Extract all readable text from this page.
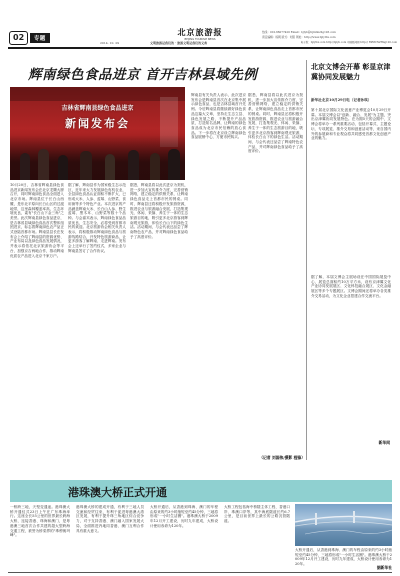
02	专题
北京旅游报
BEIJING TOURISM NEWS
2014. 10. 29	文明旅游是我们的 · 旅游文明是我们的义务
热线：010-66077420 Email：bjlyb@bjmtmzhg126.com
责任编辑：杨朝 版式：刘思 网址：http://www.bjlytbx.com
电子版：bjlytbx.com http://bjlyb.com 中国新闻网 http:// RPMCNZH4g126.com
辉南绿色食品进京 首开吉林县域先例
吉林省辉南县绿色食品进京
新闻发布会
10月20日，吉林省辉南县绿色食品进京新闻发布会在北京龙腾大厦召开，同时辉南绿色食品全面进入北京市场。辉南县位于长白山西麓，是东北平原向长白山区的过渡地带，这里森林覆盖率高，生态环境优良，素有"长白山下金三角"之美誉。此次辉南县绿色食品进京，是吉林省县域绿色食品首次整体组团进京，标志着辉南绿色农产品正式登陆首都市场。辉南县县长在发布会上介绍了辉南县的资源优势、产业布局以及绿色食品发展情况，并表示将依托北京旅游协会等平台，加强京吉两地合作，推动辉南优质农产品进入北京千家万户。
据了解，辉南县作为国家级生态示范区，近年来大力发展绿色有机农业，全县绿色食品认证面积不断扩大，已形成大米、人参、蓝莓、山野菜、食用菌等多个特色产业。本次进京的产品涵盖辉南大米、长白山人参、野生蓝莓、黑木耳、山野菜等数十个品种。与会嘉宾表示，辉南绿色食品品质优良，生态安全，必将受到首都市民的欢迎。北京旅游协会相关负责人表示，将积极推动辉南绿色食品与旅游线路结合，开发特色旅游商品，让更多游客了解辉南、走进辉南。发布会上还举行了签约仪式，多家企业与辉南县签订了合作协议。
据悉，辉南县将以此次进京为契机，进一步加大宣传推介力度，完善营销网络，建立稳定的供销关系，让辉南绿色食品走上首都市民的餐桌。同时，辉南县还将积极开发旅游资源，推进农业与旅游融合发展，打造集观光、休闲、采摘、养生于一体的生态旅游目的地，吸引更多北京游客到辉南观光旅游，体验长白山下的绿色生活。活动期间，与会代表还品尝了辉南特色农产品，并对辉南绿色食品给予了高度评价。
辉南县有关负责人表示，此次进京发布会是辉南县首次在北京集中展示绿色食品，也是吉林县域首开先例。今后辉南县将继续做好绿色食品这篇大文章，坚持走生态立县、绿色发展之路，不断提升产品品质，打造知名品牌，让辉南的绿色食品成为北京市民信赖的放心食品。下一步将在北京设立辉南绿色食品展销中心，方便市民购买。
据悉，辉南县将以此次进京为契机，进一步加大宣传推介力度，完善营销网络，建立稳定的供销关系，让辉南绿色食品走上首都市民的餐桌。同时，辉南县还将积极开发旅游资源，推进农业与旅游融合发展，打造集观光、休闲、采摘、养生于一体的生态旅游目的地，吸引更多北京游客到辉南观光旅游，体验长白山下的绿色生活。活动期间，与会代表还品尝了辉南特色农产品，并对辉南绿色食品给予了高度评价。
（记者 刘国伟/摄影 程锋）
北京文博会开幕 彰显京津冀协同发展魅力
新华社北京10月29日电（记者孙琪）
第十届北京国际文化创意产业博览会10月29日开幕。本届文博会以"创新、融合、发展"为主题，突出京津冀协同发展特色。在为期5天的会期中，文博会将举办一系列重要活动，包括开幕式、主题论坛、专项展览、推介交易和创意活动等，来自国内外的参展商和专业观众将共同感受首都文化创意产业的魅力。
据了解，本届文博会主展场设在中国国际展览中心，展览总面积约10万平方米，设有京津冀文化产业协同发展展区、文化科技融合展区、文化金融展区等多个专题展区。文博会期间还将举办各类推介交易活动，为文化企业搭建合作交流平台。
新华网
港珠澳大桥正式开通
一桥跨三地，天堑变通途。港珠澳大桥开通仪式23日上午在广东珠海举行。这座全长55公里的世界最长跨海大桥，连接香港、珠海和澳门，是粤港澳三地首次合作共建的超大型跨海交通工程，被誉为桥梁界的"珠穆朗玛峰"。
港珠澳大桥的建成开通，有利于三地人员交流和经贸往来，有利于促进粤港澳大湾区发展，有利于提升珠三角地区综合竞争力，对于支持香港、澳门融入国家发展大局，全面推进内地同香港、澳门互利合作具有重大意义。
大桥开通后，从香港到珠海、澳门的车程由原来的约3小时缩短至约45分钟，三地将形成"一小时生活圈"。港珠澳大桥于2009年12月开工建设，历时九年建成，大桥设计使用寿命为120年。
大桥工程包括海中桥隧主体工程、香港口岸、珠澳口岸等，其中海底隧道长约6.7公里，是目前世界上最长的公路沉管隧道。
大桥开通后，从香港到珠海、澳门的车程由原来的约3小时缩短至约45分钟，三地将形成"一小时生活圈"。港珠澳大桥于2009年12月开工建设，历时九年建成，大桥设计使用寿命为120年。
据新华社
